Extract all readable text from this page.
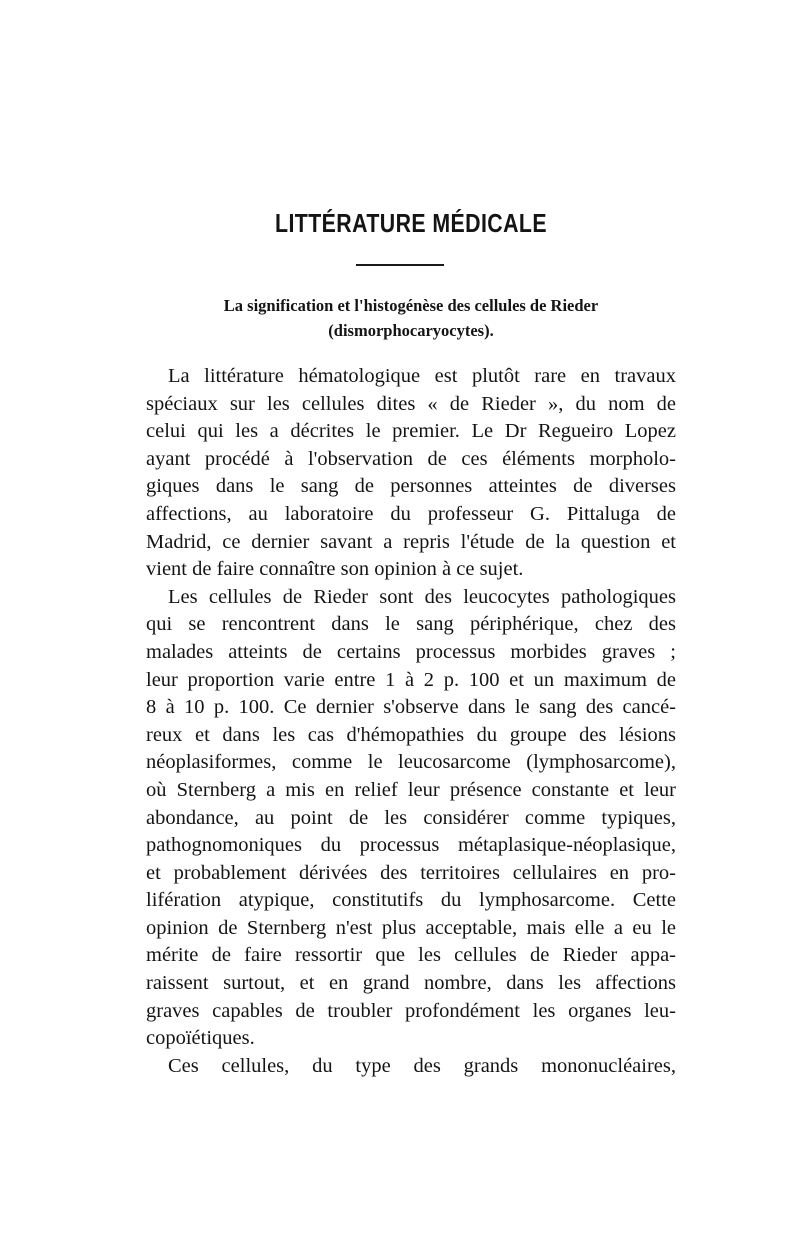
LITTÉRATURE MÉDICALE
La signification et l'histogénèse des cellules de Rieder
(dismorphocaryocytes).
La littérature hématologique est plutôt rare en travaux
spéciaux sur les cellules dites « de Rieder », du nom de
celui qui les a décrites le premier. Le Dr Regueiro Lopez
ayant procédé à l'observation de ces éléments morpholo-
giques dans le sang de personnes atteintes de diverses
affections, au laboratoire du professeur G. Pittaluga de
Madrid, ce dernier savant a repris l'étude de la question et
vient de faire connaître son opinion à ce sujet.
Les cellules de Rieder sont des leucocytes pathologiques
qui se rencontrent dans le sang périphérique, chez des
malades atteints de certains processus morbides graves ;
leur proportion varie entre 1 à 2 p. 100 et un maximum de
8 à 10 p. 100. Ce dernier s'observe dans le sang des cancé-
reux et dans les cas d'hémopathies du groupe des lésions
néoplasiformes, comme le leucosarcome (lymphosarcome),
où Sternberg a mis en relief leur présence constante et leur
abondance, au point de les considérer comme typiques,
pathognomoniques du processus métaplasique-néoplasique,
et probablement dérivées des territoires cellulaires en pro-
lifération atypique, constitutifs du lymphosarcome. Cette
opinion de Sternberg n'est plus acceptable, mais elle a eu le
mérite de faire ressortir que les cellules de Rieder appa-
raissent surtout, et en grand nombre, dans les affections
graves capables de troubler profondément les organes leu-
copoïétiques.
Ces cellules, du type des grands mononucléaires,
